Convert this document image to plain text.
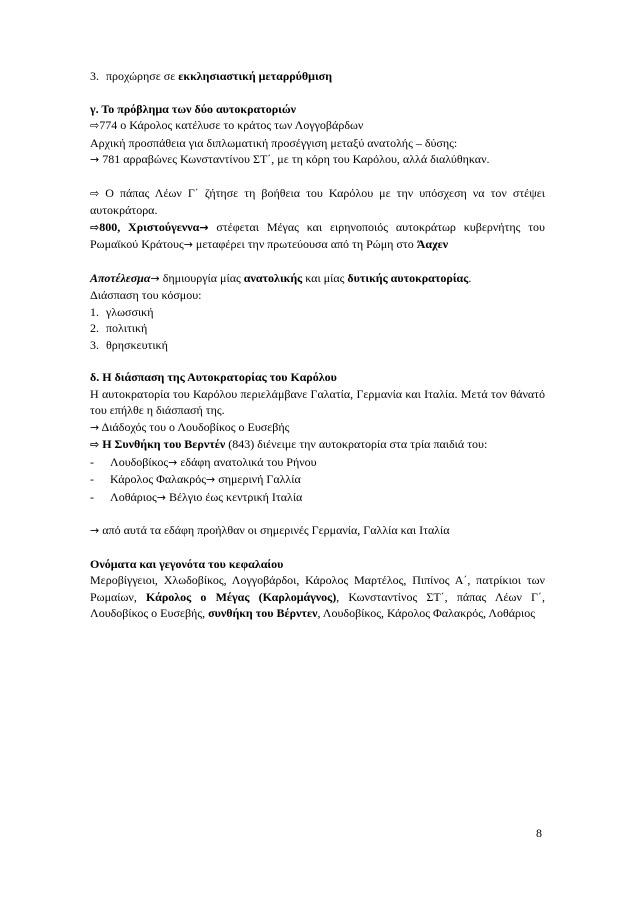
3. προχώρησε σε εκκλησιαστική μεταρρύθμιση

γ. Το πρόβλημα των δύο αυτοκρατοριών

⇨774 ο Κάρολος κατέλυσε το κράτος των Λογγοβάρδων

Αρχική προσπάθεια για διπλωματική προσέγγιση μεταξύ ανατολής – δύσης:

→ 781 αρραβώνες Κωνσταντίνου ΣΤ΄, με τη κόρη του Καρόλου, αλλά διαλύθηκαν.

⇨ Ο πάπας Λέων Γ΄ ζήτησε τη βοήθεια του Καρόλου με την υπόσχεση να τον στέψει αυτοκράτορα.

⇨800, Χριστούγεννα→ στέφεται Μέγας και ειρηνοποιός αυτοκράτωρ κυβερνήτης του Ρωμαϊκού Κράτους→ μεταφέρει την πρωτεύουσα από τη Ρώμη στο Άαχεν

Αποτέλεσμα→ δημιουργία μίας ανατολικής και μίας δυτικής αυτοκρατορίας.

Διάσπαση του κόσμου:

1. γλωσσική

2. πολιτική

3. θρησκευτική

δ. Η διάσπαση της Αυτοκρατορίας του Καρόλου

Η αυτοκρατορία του Καρόλου περιελάμβανε Γαλατία, Γερμανία και Ιταλία. Μετά τον θάνατό του επήλθε η διάσπασή της.

→ Διάδοχός του ο Λουδοβίκος ο Ευσεβής

⇨ Η Συνθήκη του Βερντέν (843) διένειμε την αυτοκρατορία στα τρία παιδιά του:

-	Λουδοβίκος→ εδάφη ανατολικά του Ρήνου

-	Κάρολος Φαλακρός→ σημερινή Γαλλία

-	Λοθάριος→ Βέλγιο έως κεντρική Ιταλία

→ από αυτά τα εδάφη προήλθαν οι σημερινές Γερμανία, Γαλλία και Ιταλία

Ονόματα και γεγονότα του κεφαλαίου

Μεροβίγγειοι, Χλωδοβίκος, Λογγοβάρδοι, Κάρολος Μαρτέλος, Πιπίνος Α΄, πατρίκιοι των Ρωμαίων, Κάρολος ο Μέγας (Καρλομάγνος), Κωνσταντίνος ΣΤ΄, πάπας Λέων Γ΄, Λουδοβίκος ο Ευσεβής, συνθήκη του Βέρντεν, Λουδοβίκος, Κάρολος Φαλακρός, Λοθάριος

8
